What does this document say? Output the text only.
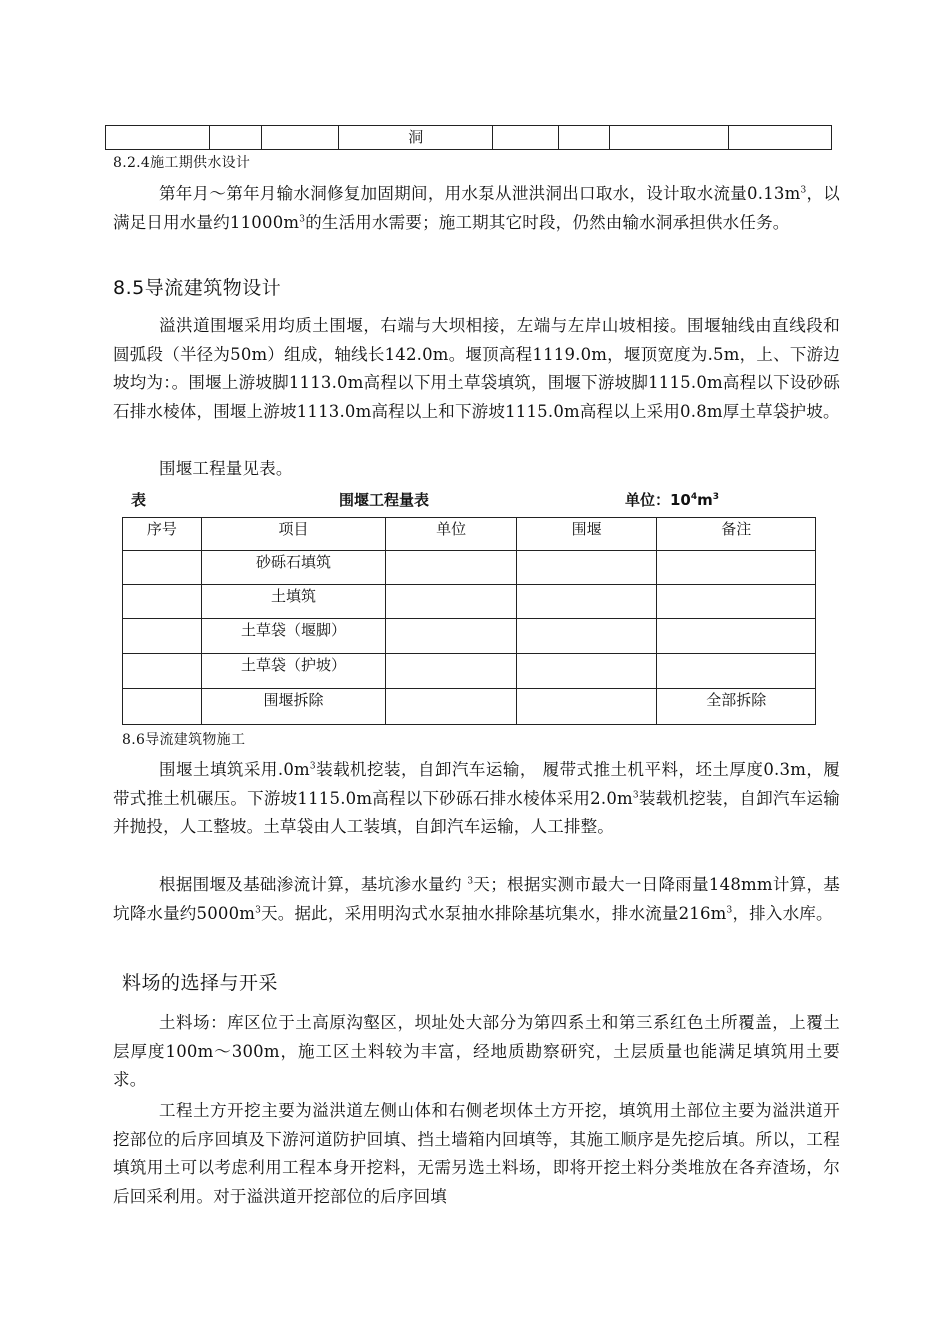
			洞				
8.2.4施工期供水设计
第年月～第年月输水洞修复加固期间，用水泵从泄洪洞出口取水，设计取水流量$0.13m^3$，以满足日用水量约$11000m^3$的生活用水需要；施工期其它时段，仍然由输水洞承担供水任务。
8.5导流建筑物设计
溢洪道围堰采用均质土围堰，右端与大坝相接，左端与左岸山坡相接。围堰轴线由直线段和圆弧段（半径为50m）组成，轴线长142.0m。堰顶高程1119.0m，堰顶宽度为.5m，上、下游边坡均为：。围堰上游坡脚1113.0m高程以下用土草袋填筑，围堰下游坡脚1115.0m高程以下设砂砾石排水棱体，围堰上游坡1113.0m高程以上和下游坡1115.0m高程以上采用0.8m厚土草袋护坡。
围堰工程量见表。
表	围堰工程量表	单位：$10^4m^3$
序号	项目	单位	围堰	备注
	砂砾石填筑			
	土填筑			
	土草袋（堰脚）			
	土草袋（护坡）			
	围堰拆除			全部拆除
8.6导流建筑物施工
围堰土填筑采用$.0m^3$装载机挖装，自卸汽车运输， 履带式推土机平料，坯土厚度0.3m，履带式推土机碾压。下游坡1115.0m高程以下砂砾石排水棱体采用$2.0m^3$装载机挖装，自卸汽车运输并抛投，人工整坡。土草袋由人工装填，自卸汽车运输，人工排整。
根据围堰及基础渗流计算，基坑渗水量约 $^3$天；根据实测市最大一日降雨量148mm计算，基坑降水量约$5000m^3$天。据此，采用明沟式水泵抽水排除基坑集水，排水流量$216m^3$，排入水库。
料场的选择与开采
土料场：库区位于土高原沟壑区，坝址处大部分为第四系土和第三系红色土所覆盖，上覆土层厚度100m～300m，施工区土料较为丰富，经地质勘察研究，土层质量也能满足填筑用土要求。
工程土方开挖主要为溢洪道左侧山体和右侧老坝体土方开挖，填筑用土部位主要为溢洪道开挖部位的后序回填及下游河道防护回填、挡土墙箱内回填等，其施工顺序是先挖后填。所以，工程填筑用土可以考虑利用工程本身开挖料，无需另选土料场，即将开挖土料分类堆放在各弃渣场，尔后回采利用。对于溢洪道开挖部位的后序回填
